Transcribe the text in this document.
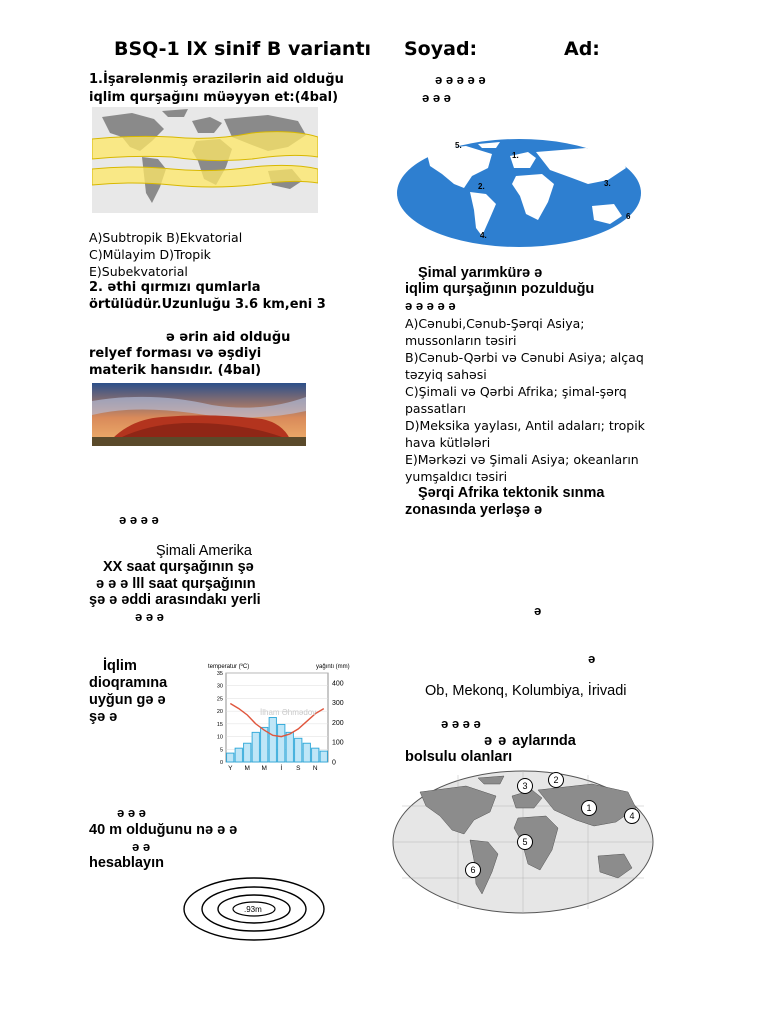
BSQ-1 lX sinif B variantı Soyad:	Ad:
1.İşarələnmiş ərazilərin aid olduğu
iqlim qurşağını müəyyən et:(4bal)
A)Subtropik B)Ekvatorial
C)Mülayim D)Tropik
E)Subekvatorial
2. əthi qırmızı qumlarla
örtülüdür.Uzunluğu 3.6 km,eni 3
ə ərin aid olduğu
relyef forması və əşdiyi
materik hansıdır. (4bal)
ə ə ə ə ə
ə ə ə
5.
1.
2.	3.
6
4.
Şimal yarımkürə ə
iqlim qurşağının pozulduğu
ə ə ə ə ə
A)Cənubi,Cənub-Şərqi Asiya;
mussonların təsiri
B)Cənub-Qərbi və Cənubi Asiya; alçaq
təzyiq sahəsi
C)Şimali və Qərbi Afrika; şimal-şərq
passatları
D)Meksika yaylası, Antil adaları; tropik
hava kütlələri
E)Mərkəzi və Şimali Asiya; okeanların
yumşaldıcı təsiri
Şərqi Afrika tektonik sınma
zonasında yerləşə ə
ə ə ə ə
Şimali Amerika
XX saat qurşağının şə
ə ə ə lll saat qurşağının
şə ə əddi arasındakı yerli
ə ə ə	ə
ə
Ob, Mekonq, Kolumbiya, İrivadi
ə ə ə ə
ə ə aylarında
bolsulu olanları
İqlim
dioqramına
uyğun gə ə
şə ə
temperatur (ºC)	yağıntı (mm)
35
30
25
20
15
10
5
0
400
300
200
100
0
Y M M İ S N
İlham Əhmədov
ə ə ə
40 m olduğunu nə ə ə
ə ə
hesablayın
.93m
2
3
1
4
5
6
